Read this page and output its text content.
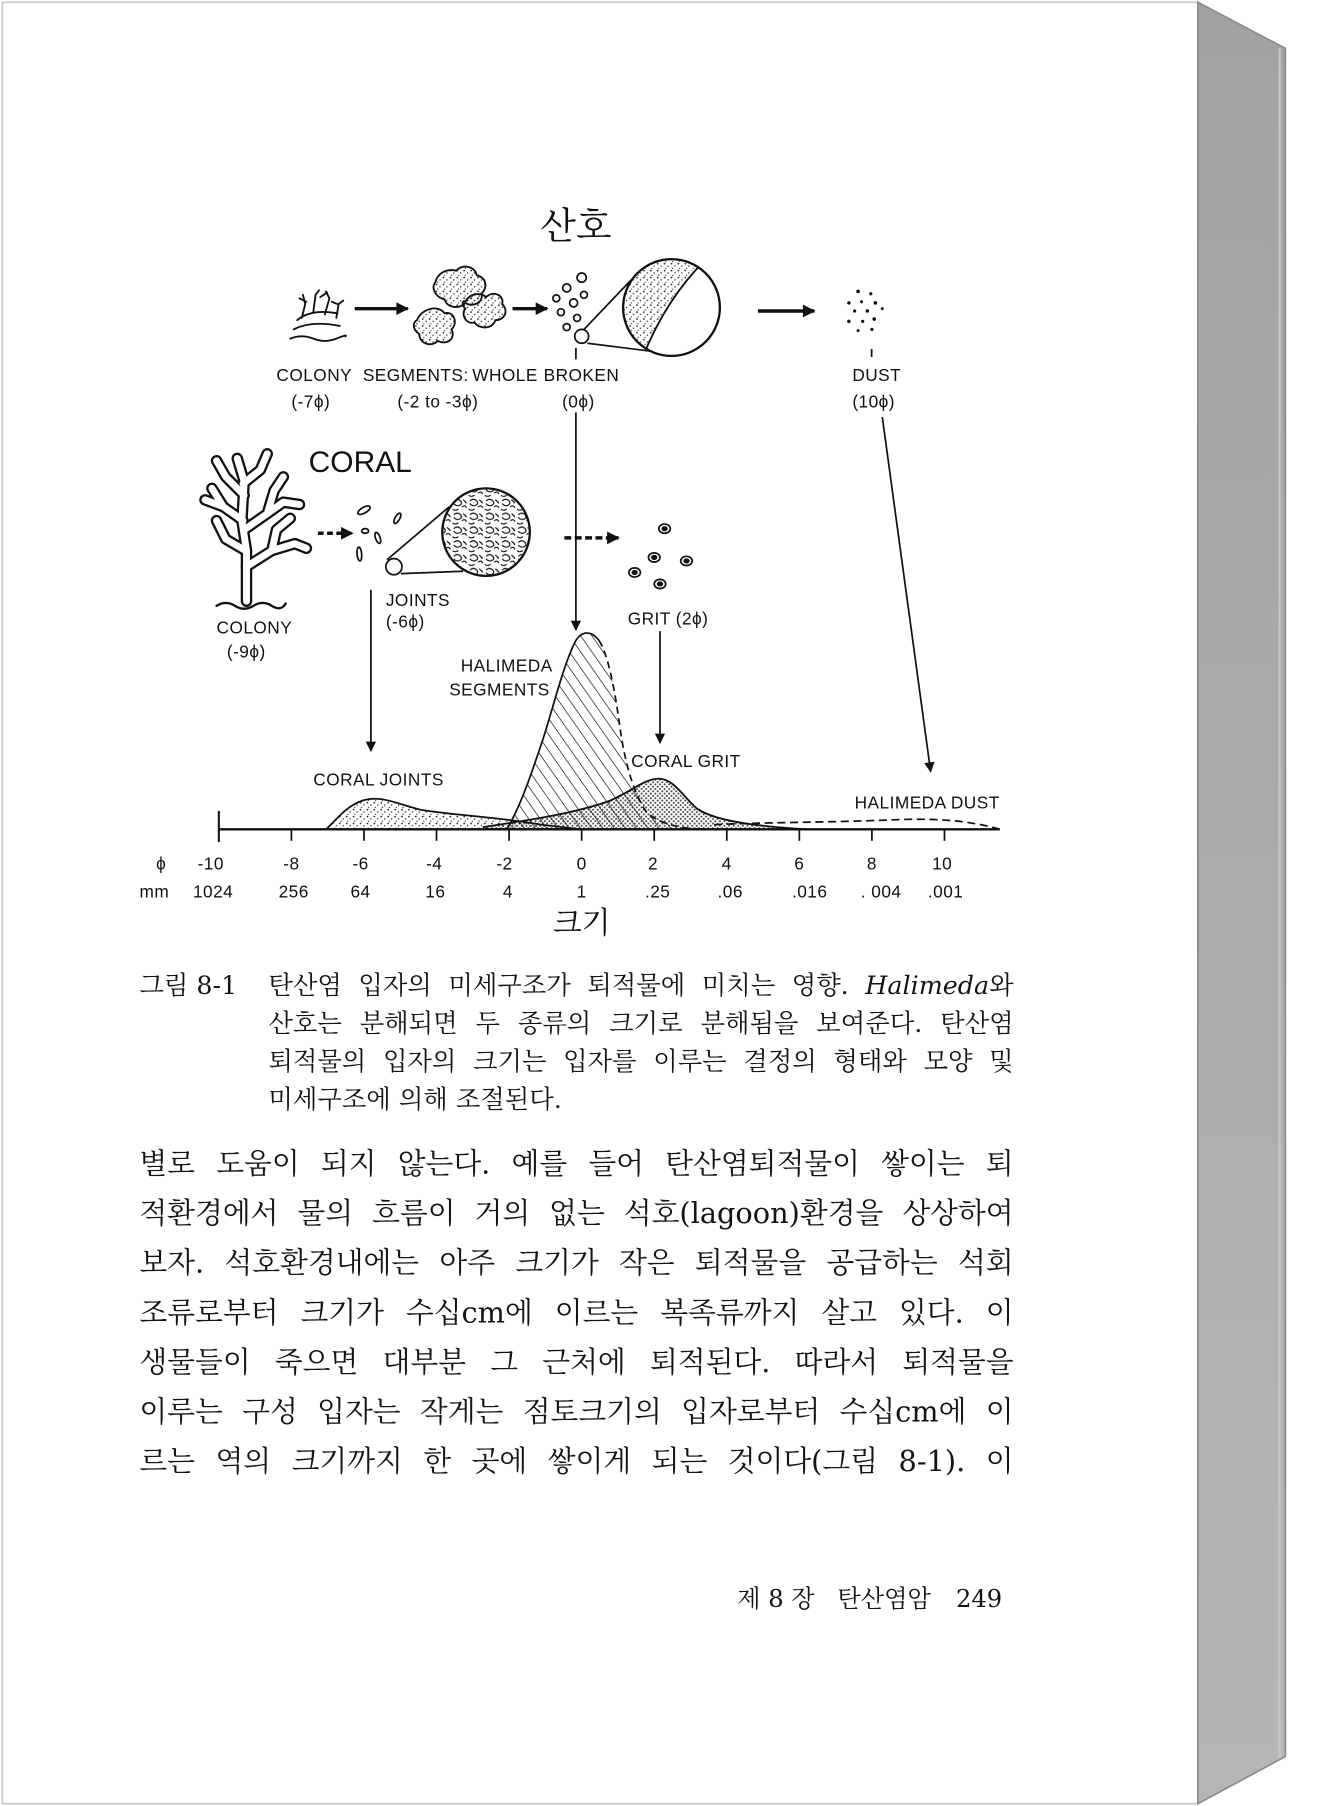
산호
COLONY SEGMENTS: WHOLE BROKEN
(-7ϕ)	(-2 to -3ϕ)	(0ϕ)
DUST
(10ϕ)
CORAL
JOINTS
(-6ϕ)
COLONY
(-9ϕ)
GRIT (2ϕ)
HALIMEDA
SEGMENTS
CORAL GRIT
CORAL JOINTS
HALIMEDA DUST
ϕ -10	-8	-6	-4	-2	0	2	4	6	8	10
mm 1024	256	64	16	4	1	.25	.06	.016 . 004 .001
크기
그림 8-1 탄산염 입자의 미세구조가 퇴적물에 미치는 영향. Halimeda와
산호는 분해되면 두 종류의 크기로 분해됨을 보여준다. 탄산염
퇴적물의 입자의 크기는 입자를 이루는 결정의 형태와 모양 및
미세구조에 의해 조절된다.
별로 도움이 되지 않는다. 예를 들어 탄산염퇴적물이 쌓이는 퇴
적환경에서 물의 흐름이 거의 없는 석호(lagoon)환경을 상상하여
보자. 석호환경내에는 아주 크기가 작은 퇴적물을 공급하는 석회
조류로부터 크기가 수십cm에 이르는 복족류까지 살고 있다. 이
생물들이 죽으면 대부분 그 근처에 퇴적된다. 따라서 퇴적물을
이루는 구성 입자는 작게는 점토크기의 입자로부터 수십cm에 이
르는 역의 크기까지 한 곳에 쌓이게 되는 것이다(그림 8-1). 이
제 8 장 탄산염암 249
